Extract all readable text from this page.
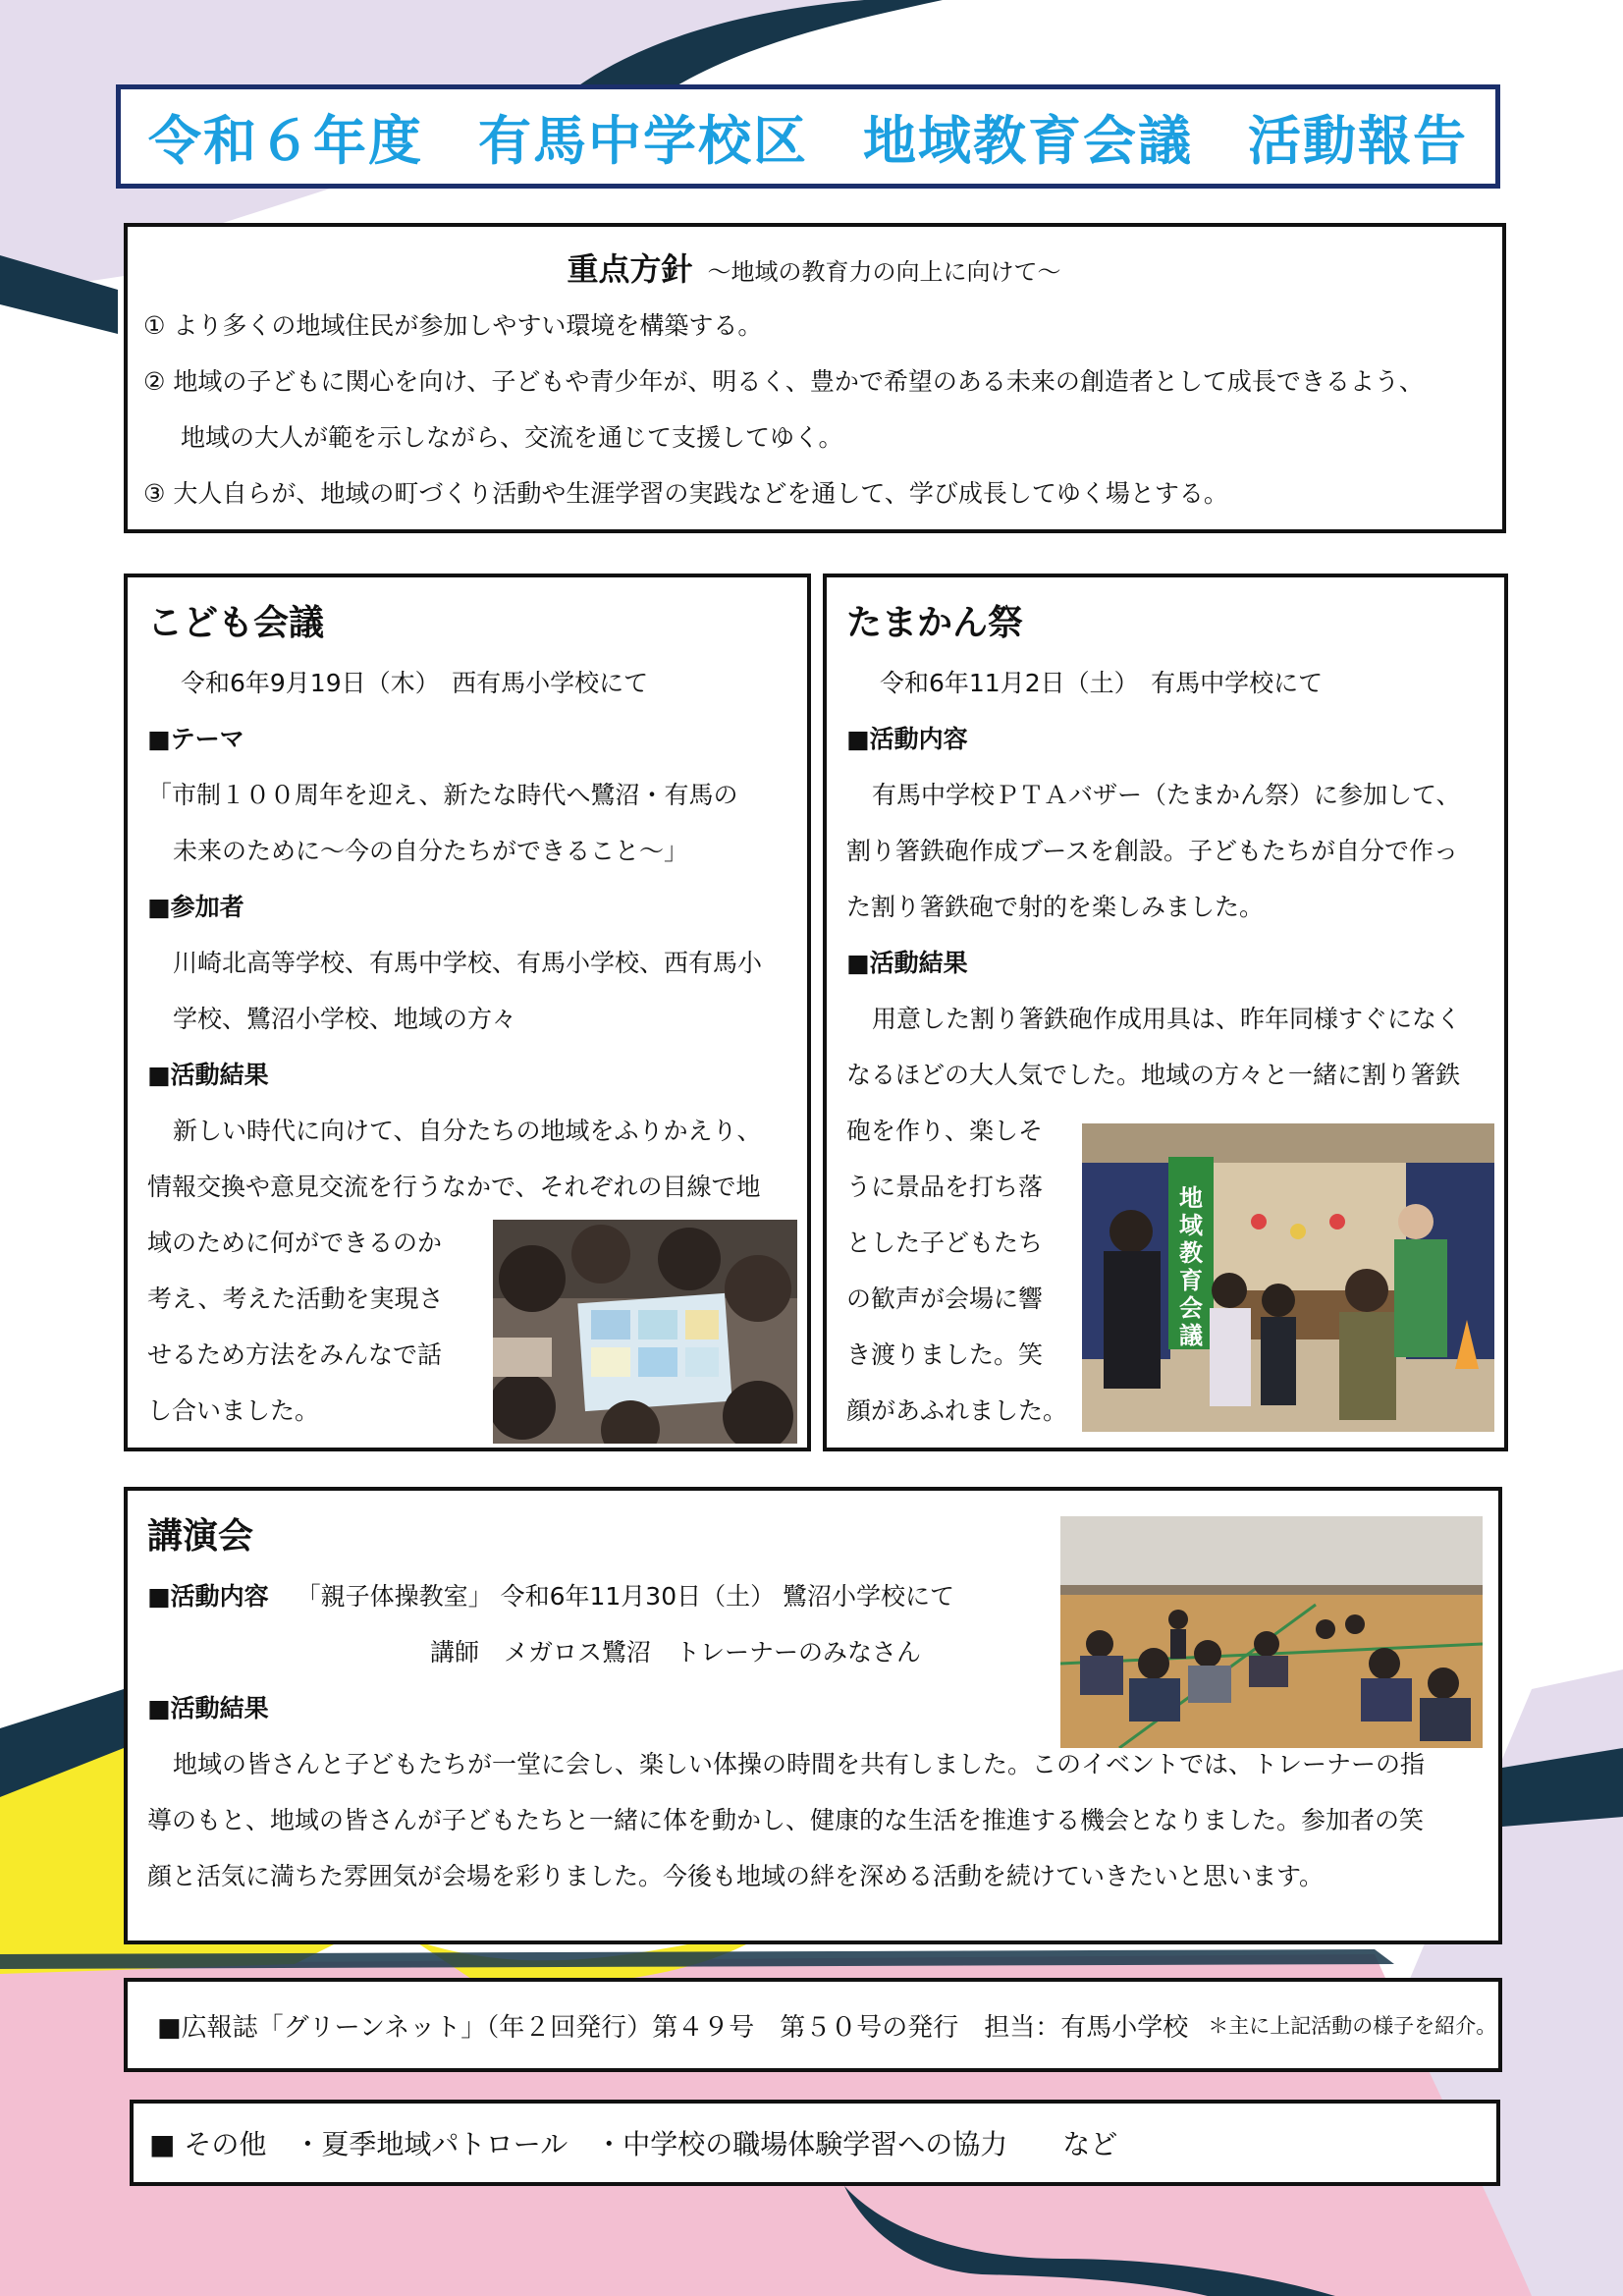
令和６年度　有馬中学校区　地域教育会議　活動報告
重点方針 ～地域の教育力の向上に向けて～

① より多くの地域住民が参加しやすい環境を構築する。

② 地域の子どもに関心を向け、子どもや青少年が、明るく、豊かで希望のある未来の創造者として成長できるよう、

地域の大人が範を示しながら、交流を通じて支援してゆく。

③ 大人自らが、地域の町づくり活動や生涯学習の実践などを通して、学び成長してゆく場とする。

こども会議
令和6年9月19日（木）　西有馬小学校にて
■テーマ
「市制１００周年を迎え、新たな時代へ鷺沼・有馬の
未来のために～今の自分たちができること～」
■参加者
川崎北高等学校、有馬中学校、有馬小学校、西有馬小
学校、鷺沼小学校、地域の方々
■活動結果
新しい時代に向けて、自分たちの地域をふりかえり、
情報交換や意見交流を行うなかで、それぞれの目線で地
域のために何ができるのか
考え、考えた活動を実現さ
せるため方法をみんなで話
し合いました。
たまかん祭
令和6年11月2日（土）　有馬中学校にて
■活動内容
有馬中学校ＰＴＡバザー（たまかん祭）に参加して、
割り箸鉄砲作成ブースを創設。子どもたちが自分で作っ
た割り箸鉄砲で射的を楽しみました。
■活動結果
用意した割り箸鉄砲作成用具は、昨年同様すぐになく
なるほどの大人気でした。地域の方々と一緒に割り箸鉄
砲を作り、楽しそ
うに景品を打ち落
とした子どもたち
の歓声が会場に響
き渡りました。笑
顔があふれました。
地
域
教
育
会
議
講演会
■活動内容 「親子体操教室」 令和6年11月30日（土） 鷺沼小学校にて
講師　メガロス鷺沼　トレーナーのみなさん
■活動結果
地域の皆さんと子どもたちが一堂に会し、楽しい体操の時間を共有しました。このイベントでは、トレーナーの指
導のもと、地域の皆さんが子どもたちと一緒に体を動かし、健康的な生活を推進する機会となりました。参加者の笑
顔と活気に満ちた雰囲気が会場を彩りました。今後も地域の絆を深める活動を続けていきたいと思います。
■広報誌「グリーンネット」（年２回発行）第４９号　第５０号の発行　担当：有馬小学校 ＊主に上記活動の様子を紹介。
■ その他　・夏季地域パトロール　・中学校の職場体験学習への協力　　など
